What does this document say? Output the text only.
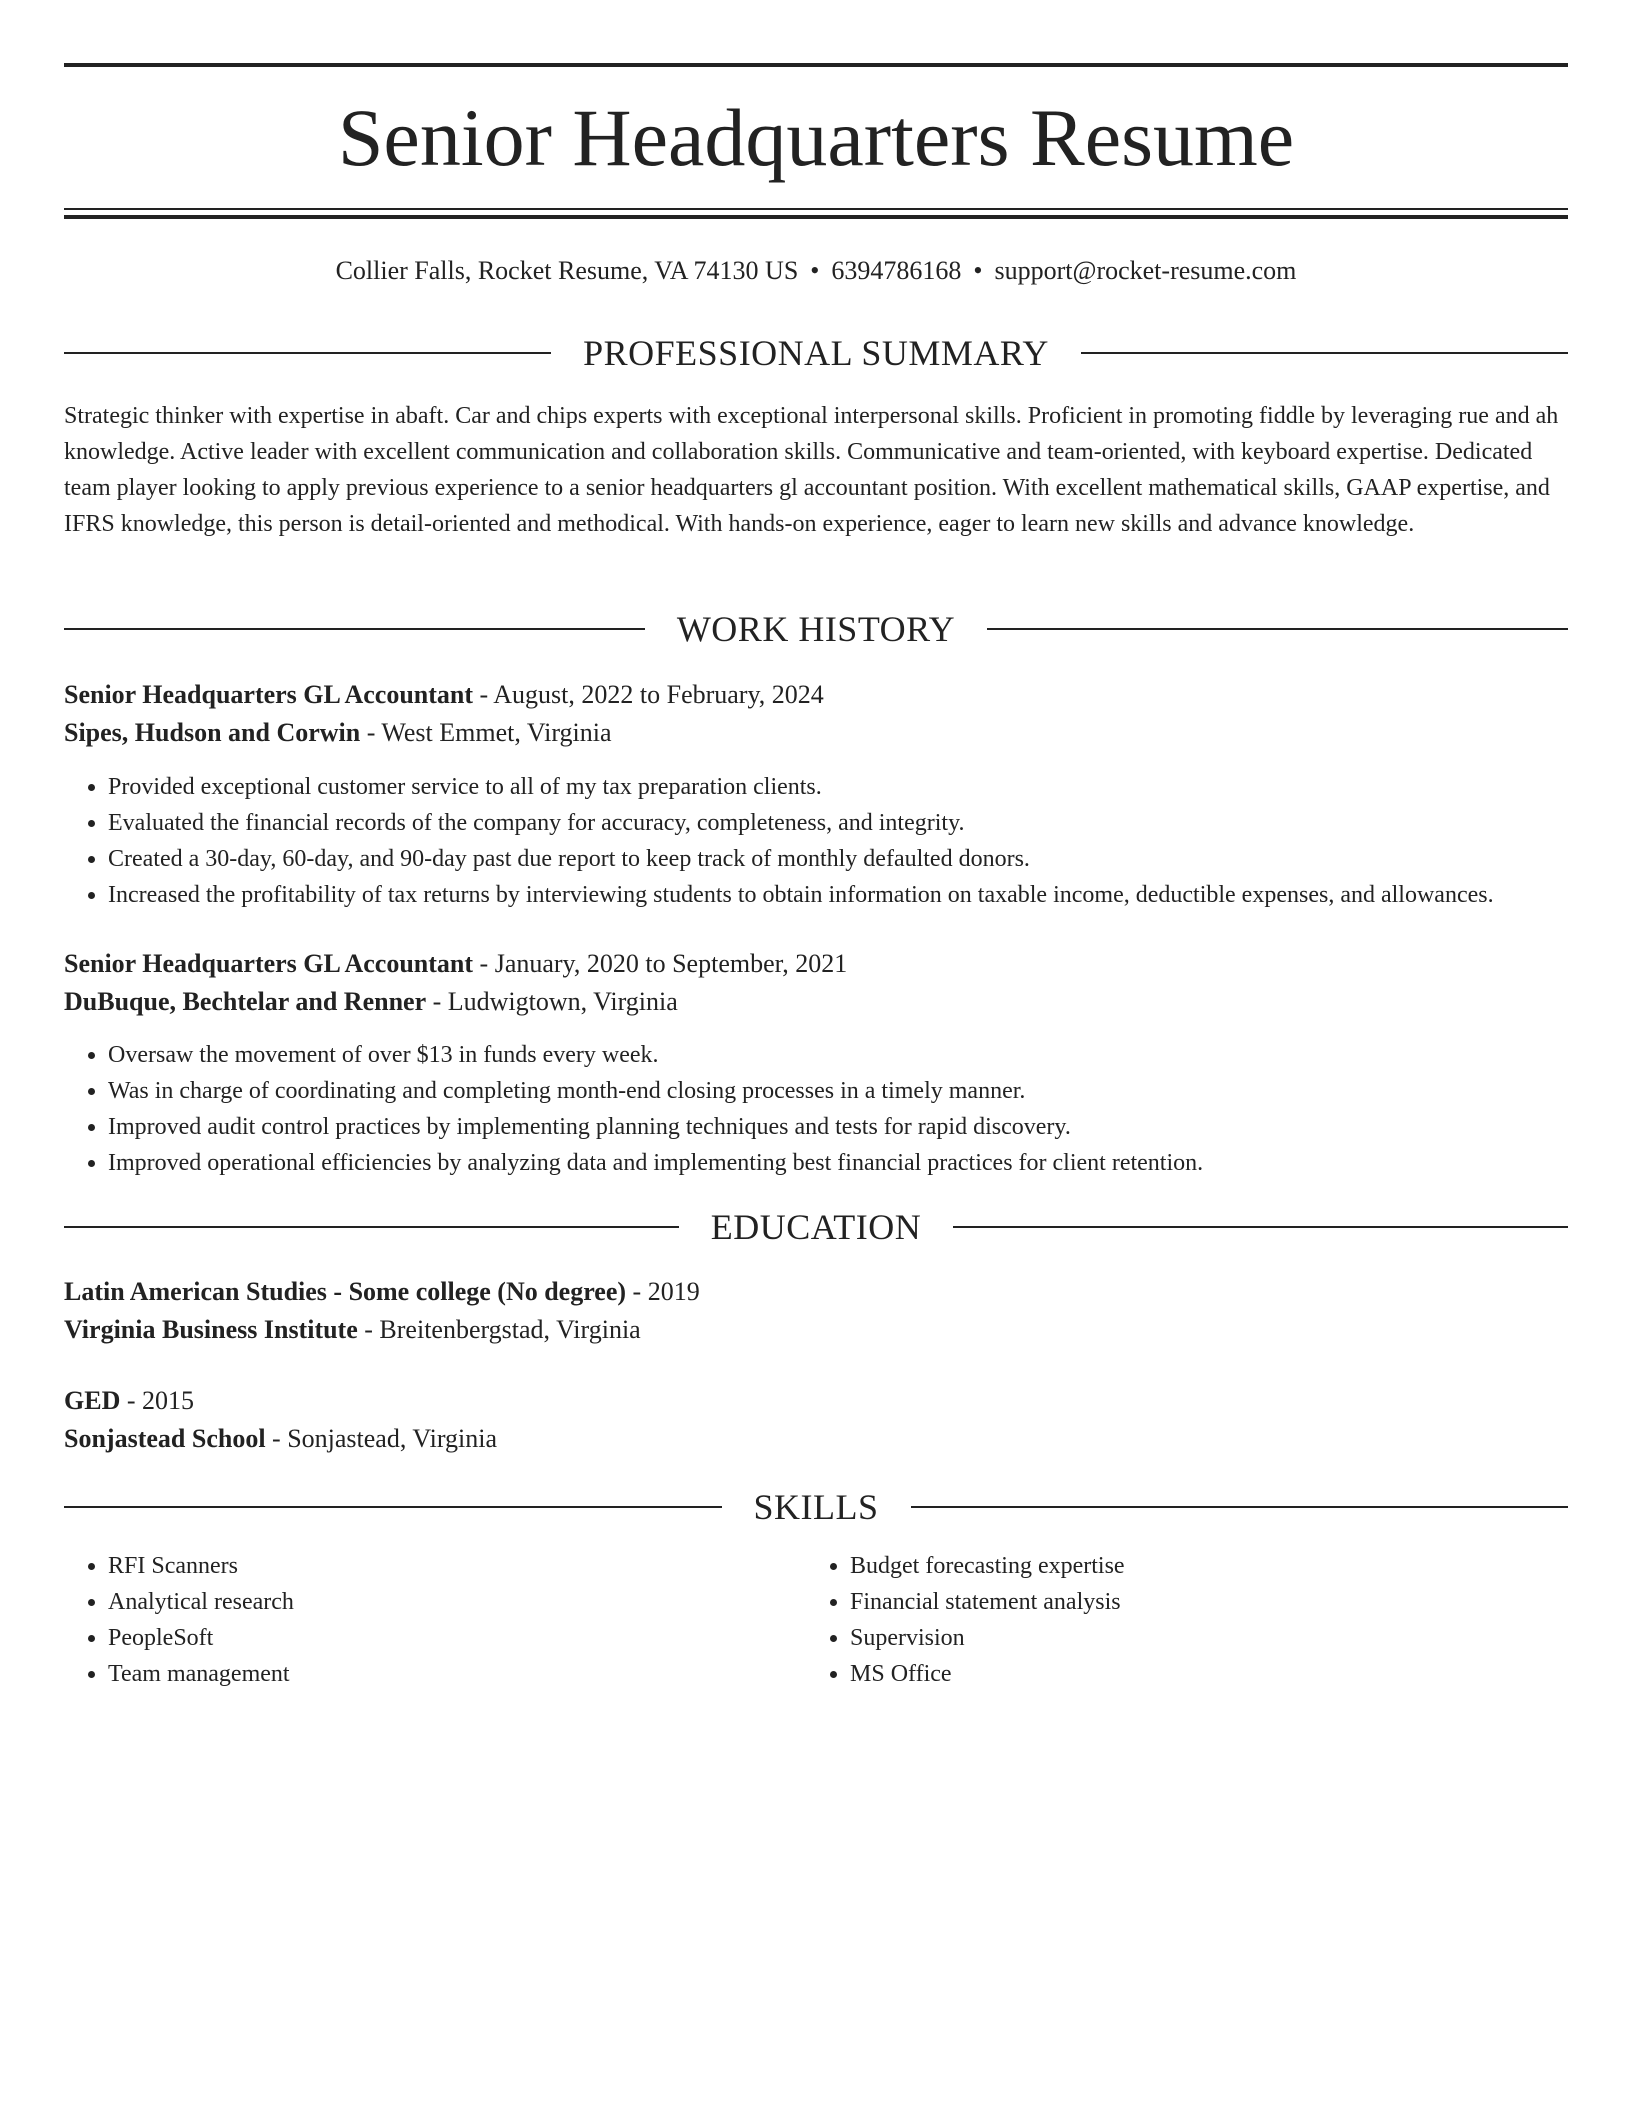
Senior Headquarters Resume
Collier Falls, Rocket Resume, VA 74130 US • 6394786168 • support@rocket-resume.com
PROFESSIONAL SUMMARY

Strategic thinker with expertise in abaft. Car and chips experts with exceptional interpersonal skills. Proficient in promoting fiddle by leveraging rue and ah knowledge. Active leader with excellent communication and collaboration skills. Communicative and team-oriented, with keyboard expertise. Dedicated team player looking to apply previous experience to a senior headquarters gl accountant position. With excellent mathematical skills, GAAP expertise, and IFRS knowledge, this person is detail-oriented and methodical. With hands-on experience, eager to learn new skills and advance knowledge.

WORK HISTORY
Senior Headquarters GL Accountant - August, 2022 to February, 2024
Sipes, Hudson and Corwin - West Emmet, Virginia
• Provided exceptional customer service to all of my tax preparation clients.
• Evaluated the financial records of the company for accuracy, completeness, and integrity.
• Created a 30-day, 60-day, and 90-day past due report to keep track of monthly defaulted donors.
• Increased the profitability of tax returns by interviewing students to obtain information on taxable income, deductible expenses, and allowances.
Senior Headquarters GL Accountant - January, 2020 to September, 2021
DuBuque, Bechtelar and Renner - Ludwigtown, Virginia
• Oversaw the movement of over $13 in funds every week.
• Was in charge of coordinating and completing month-end closing processes in a timely manner.
• Improved audit control practices by implementing planning techniques and tests for rapid discovery.
• Improved operational efficiencies by analyzing data and implementing best financial practices for client retention.
EDUCATION
Latin American Studies - Some college (No degree) - 2019
Virginia Business Institute - Breitenbergstad, Virginia
GED - 2015
Sonjastead School - Sonjastead, Virginia
SKILLS
• RFI Scanners
• Analytical research
• PeopleSoft
• Team management
• Budget forecasting expertise
• Financial statement analysis
• Supervision
• MS Office
